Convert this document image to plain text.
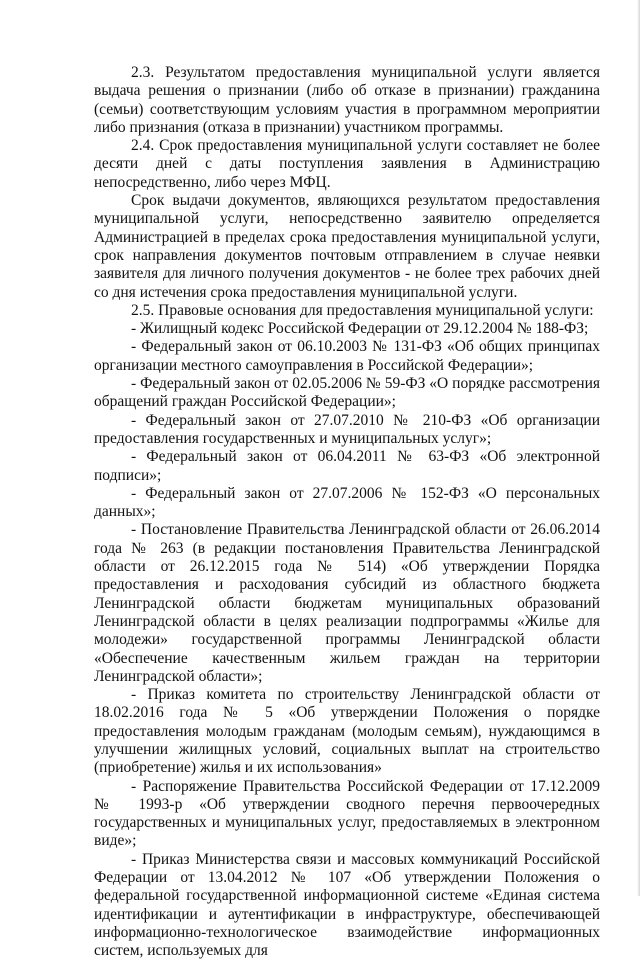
2.3. Результатом предоставления муниципальной услуги является выдача решения о признании (либо об отказе в признании) гражданина (семьи) соответствующим условиям участия в программном мероприятии либо признания (отказа в признании) участником программы.

2.4. Срок предоставления муниципальной услуги составляет не более десяти дней с даты поступления заявления в Администрацию непосредственно, либо через МФЦ.

Срок выдачи документов, являющихся результатом предоставления муниципальной услуги, непосредственно заявителю определяется Администрацией в пределах срока предоставления муниципальной услуги, срок направления документов почтовым отправлением в случае неявки заявителя для личного получения документов - не более трех рабочих дней со дня истечения срока предоставления муниципальной услуги.

2.5. Правовые основания для предоставления муниципальной услуги:

- Жилищный кодекс Российской Федерации от 29.12.2004 № 188-ФЗ;

- Федеральный закон от 06.10.2003 № 131-ФЗ «Об общих принципах организации местного самоуправления в Российской Федерации»;

- Федеральный закон от 02.05.2006 № 59-ФЗ «О порядке рассмотрения обращений граждан Российской Федерации»;

- Федеральный закон от 27.07.2010 № 210-ФЗ «Об организации предоставления государственных и муниципальных услуг»;

- Федеральный закон от 06.04.2011 № 63-ФЗ «Об электронной подписи»;

- Федеральный закон от 27.07.2006 № 152-ФЗ «О персональных данных»;

- Постановление Правительства Ленинградской области от 26.06.2014 года № 263 (в редакции постановления Правительства Ленинградской области от 26.12.2015 года № 514) «Об утверждении Порядка предоставления и расходования субсидий из областного бюджета Ленинградской области бюджетам муниципальных образований Ленинградской области в целях реализации подпрограммы «Жилье для молодежи» государственной программы Ленинградской области «Обеспечение качественным жильем граждан на территории Ленинградской области»;

- Приказ комитета по строительству Ленинградской области от 18.02.2016 года № 5 «Об утверждении Положения о порядке предоставления молодым гражданам (молодым семьям), нуждающимся в улучшении жилищных условий, социальных выплат на строительство (приобретение) жилья и их использования»

- Распоряжение Правительства Российской Федерации от 17.12.2009 № 1993-р «Об утверждении сводного перечня первоочередных государственных и муниципальных услуг, предоставляемых в электронном виде»;

- Приказ Министерства связи и массовых коммуникаций Российской Федерации от 13.04.2012 № 107 «Об утверждении Положения о федеральной государственной информационной системе «Единая система идентификации и аутентификации в инфраструктуре, обеспечивающей информационно-технологическое взаимодействие информационных систем, используемых для
